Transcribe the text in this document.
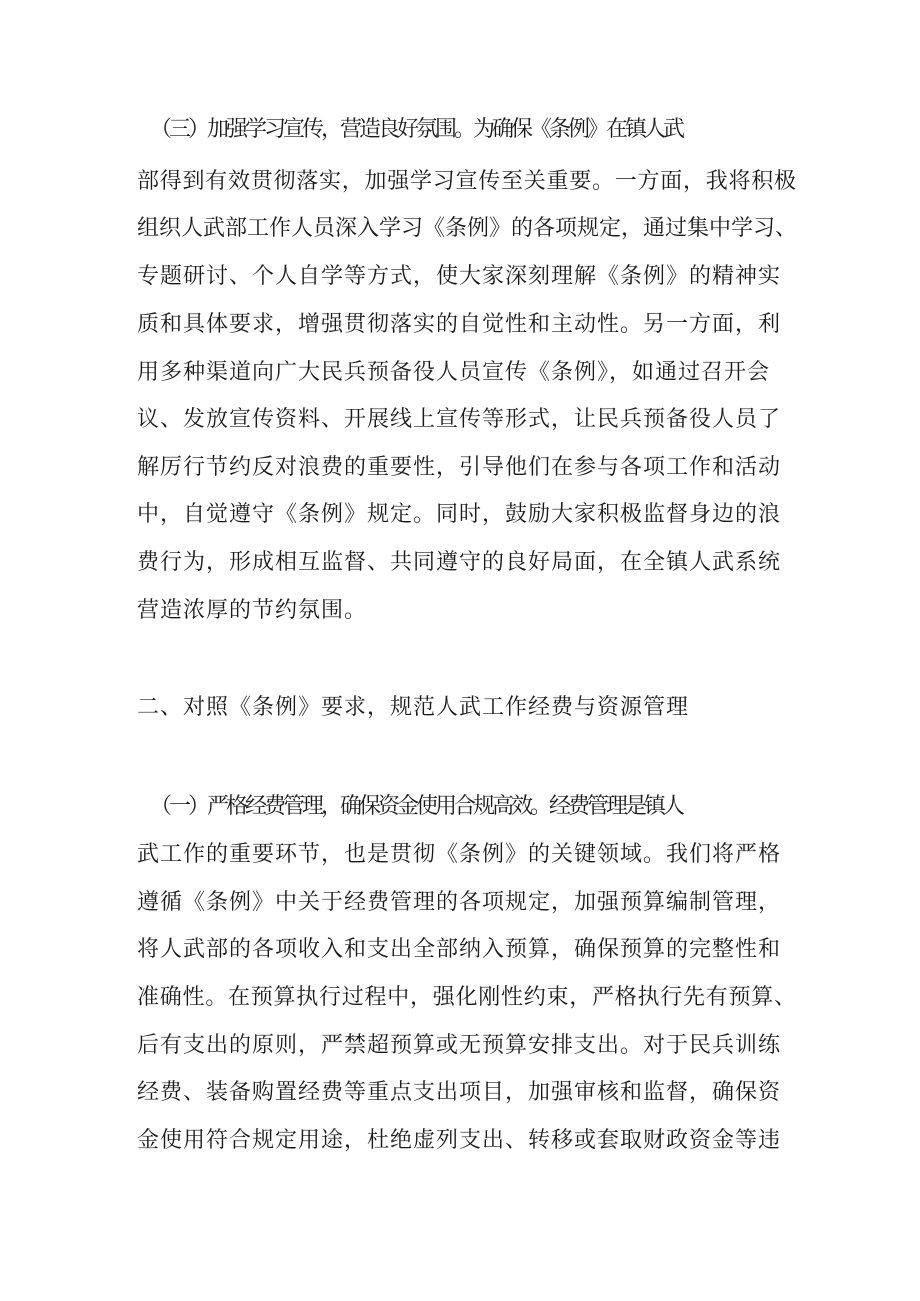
（三）加强学习宣传，营造良好氛围。为确保《条例》在镇人武

部得到有效贯彻落实，加强学习宣传至关重要。一方面，我将积极

组织人武部工作人员深入学习《条例》的各项规定，通过集中学习、

专题研讨、个人自学等方式，使大家深刻理解《条例》的精神实

质和具体要求，增强贯彻落实的自觉性和主动性。另一方面，利

用多种渠道向广大民兵预备役人员宣传《条例》，如通过召开会

议、发放宣传资料、开展线上宣传等形式，让民兵预备役人员了

解厉行节约反对浪费的重要性，引导他们在参与各项工作和活动

中，自觉遵守《条例》规定。同时，鼓励大家积极监督身边的浪

费行为，形成相互监督、共同遵守的良好局面，在全镇人武系统

营造浓厚的节约氛围。

二、对照《条例》要求，规范人武工作经费与资源管理

（一）严格经费管理，确保资金使用合规高效。经费管理是镇人

武工作的重要环节，也是贯彻《条例》的关键领域。我们将严格

遵循《条例》中关于经费管理的各项规定，加强预算编制管理，

将人武部的各项收入和支出全部纳入预算，确保预算的完整性和

准确性。在预算执行过程中，强化刚性约束，严格执行先有预算、

后有支出的原则，严禁超预算或无预算安排支出。对于民兵训练

经费、装备购置经费等重点支出项目，加强审核和监督，确保资

金使用符合规定用途，杜绝虚列支出、转移或套取财政资金等违
